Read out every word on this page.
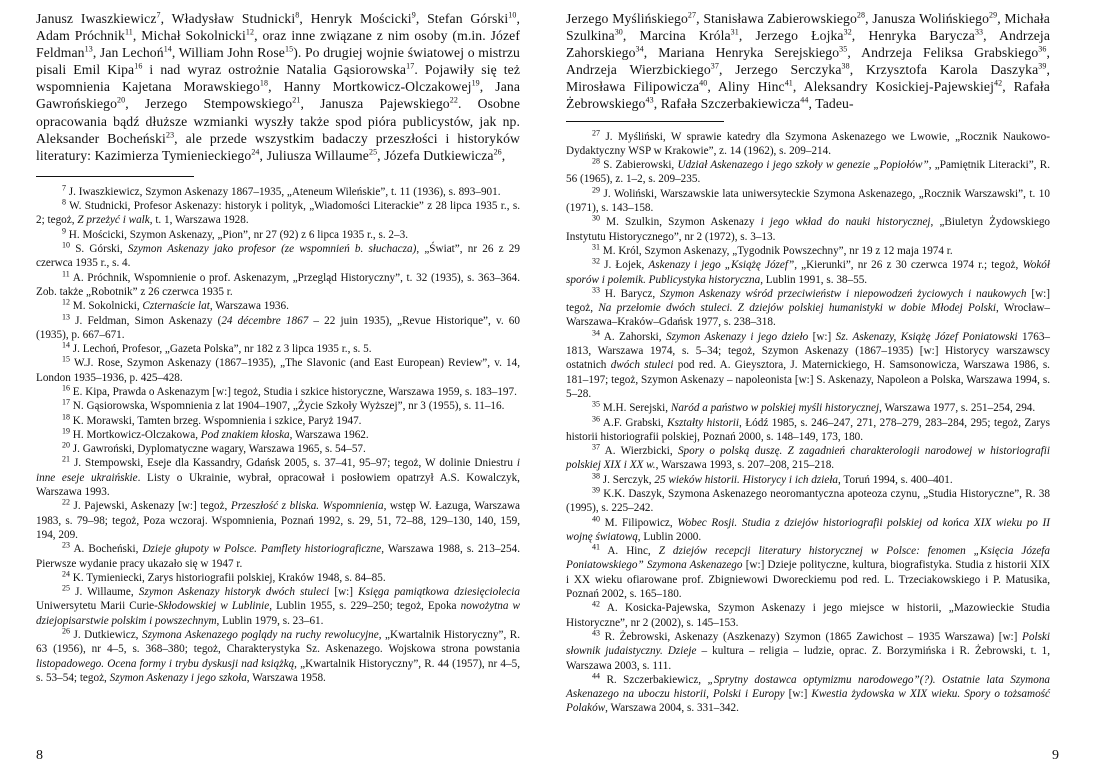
Janusz Iwaszkiewicz$^7$, Władysław Studnicki$^8$, Henryk Mościcki$^9$, Stefan Górski$^{10}$, Adam Próchnik$^{11}$, Michał Sokolnicki$^{12}$, oraz inne związane z nim osoby (m.in. Józef Feldman$^{13}$, Jan Lechoń$^{14}$, William John Rose$^{15}$). Po drugiej wojnie światowej o mistrzu pisali Emil Kipa$^{16}$ i nad wyraz ostrożnie Natalia Gąsiorowska$^{17}$. Pojawiły się też wspomnienia Kajetana Morawskiego$^{18}$, Hanny Mortkowicz-Olczakowej$^{19}$, Jana Gawrońskiego$^{20}$, Jerzego Stempowskiego$^{21}$, Janusza Pajewskiego$^{22}$. Osobne opracowania bądź dłuższe wzmianki wyszły także spod pióra publicystów, jak np. Aleksander Bocheński$^{23}$, ale przede wszystkim badaczy przeszłości i historyków literatury: Kazimierza Tymienieckiego$^{24}$, Juliusza Willaume$^{25}$, Józefa Dutkiewicza$^{26}$,

$^7$ J. Iwaszkiewicz, Szymon Askenazy 1867–1935, „Ateneum Wileńskie”, t. 11 (1936), s. 893–901.

$^8$ W. Studnicki, Profesor Askenazy: historyk i polityk, „Wiadomości Literackie” z 28 lipca 1935 r., s. 2; tegoż, Z przeżyć i walk, t. 1, Warszawa 1928.

$^9$ H. Mościcki, Szymon Askenazy, „Pion”, nr 27 (92) z 6 lipca 1935 r., s. 2–3.

$^{10}$ S. Górski, Szymon Askenazy jako profesor (ze wspomnień b. słuchacza), „Świat”, nr 26 z 29 czerwca 1935 r., s. 4.

$^{11}$ A. Próchnik, Wspomnienie o prof. Askenazym, „Przegląd Historyczny”, t. 32 (1935), s. 363–364. Zob. także „Robotnik” z 26 czerwca 1935 r.

$^{12}$ M. Sokolnicki, Czternaście lat, Warszawa 1936.

$^{13}$ J. Feldman, Simon Askenazy (24 décembre 1867 – 22 juin 1935), „Revue Historique”, v. 60 (1935), p. 667–671.

$^{14}$ J. Lechoń, Profesor, „Gazeta Polska”, nr 182 z 3 lipca 1935 r., s. 5.

$^{15}$ W.J. Rose, Szymon Askenazy (1867–1935), „The Slavonic (and East European) Review”, v. 14, London 1935–1936, p. 425–428.

$^{16}$ E. Kipa, Prawda o Askenazym [w:] tegoż, Studia i szkice historyczne, Warszawa 1959, s. 183–197.

$^{17}$ N. Gąsiorowska, Wspomnienia z lat 1904–1907, „Życie Szkoły Wyższej”, nr 3 (1955), s. 11–16.

$^{18}$ K. Morawski, Tamten brzeg. Wspomnienia i szkice, Paryż 1947.

$^{19}$ H. Mortkowicz-Olczakowa, Pod znakiem kłoska, Warszawa 1962.

$^{20}$ J. Gawroński, Dyplomatyczne wagary, Warszawa 1965, s. 54–57.

$^{21}$ J. Stempowski, Eseje dla Kassandry, Gdańsk 2005, s. 37–41, 95–97; tegoż, W dolinie Dniestru i inne eseje ukraińskie. Listy o Ukrainie, wybrał, opracował i posłowiem opatrzył A.S. Kowalczyk, Warszawa 1993.

$^{22}$ J. Pajewski, Askenazy [w:] tegoż, Przeszłość z bliska. Wspomnienia, wstęp W. Łazuga, Warszawa 1983, s. 79–98; tegoż, Poza wczoraj. Wspomnienia, Poznań 1992, s. 29, 51, 72–88, 129–130, 140, 159, 194, 209.

$^{23}$ A. Bocheński, Dzieje głupoty w Polsce. Pamflety historiograficzne, Warszawa 1988, s. 213–254. Pierwsze wydanie pracy ukazało się w 1947 r.

$^{24}$ K. Tymieniecki, Zarys historiografii polskiej, Kraków 1948, s. 84–85.

$^{25}$ J. Willaume, Szymon Askenazy historyk dwóch stuleci [w:] Księga pamiątkowa dziesięciolecia Uniwersytetu Marii Curie-Skłodowskiej w Lublinie, Lublin 1955, s. 229–250; tegoż, Epoka nowożytna w dziejopisarstwie polskim i powszechnym, Lublin 1979, s. 23–61.

$^{26}$ J. Dutkiewicz, Szymona Askenazego poglądy na ruchy rewolucyjne, „Kwartalnik Historyczny”, R. 63 (1956), nr 4–5, s. 368–380; tegoż, Charakterystyka Sz. Askenazego. Wojskowa strona powstania listopadowego. Ocena formy i trybu dyskusji nad książką, „Kwartalnik Historyczny”, R. 44 (1957), nr 4–5, s. 53–54; tegoż, Szymon Askenazy i jego szkoła, Warszawa 1958.

8

Jerzego Myślińskiego$^{27}$, Stanisława Zabierowskiego$^{28}$, Janusza Wolińskiego$^{29}$, Michała Szulkina$^{30}$, Marcina Króla$^{31}$, Jerzego Łojka$^{32}$, Henryka Barycza$^{33}$, Andrzeja Zahorskiego$^{34}$, Mariana Henryka Serejskiego$^{35}$, Andrzeja Feliksa Grabskiego$^{36}$, Andrzeja Wierzbickiego$^{37}$, Jerzego Serczyka$^{38}$, Krzysztofa Karola Daszyka$^{39}$, Mirosława Filipowicza$^{40}$, Aliny Hinc$^{41}$, Aleksandry Kosickiej-Pajewskiej$^{42}$, Rafała Żebrowskiego$^{43}$, Rafała Szczerbakiewicza$^{44}$, Tadeu-

$^{27}$ J. Myśliński, W sprawie katedry dla Szymona Askenazego we Lwowie, „Rocznik Naukowo-Dydaktyczny WSP w Krakowie”, z. 14 (1962), s. 209–214.

$^{28}$ S. Zabierowski, Udział Askenazego i jego szkoły w genezie „Popiołów”, „Pamiętnik Literacki”, R. 56 (1965), z. 1–2, s. 209–235.

$^{29}$ J. Woliński, Warszawskie lata uniwersyteckie Szymona Askenazego, „Rocznik Warszawski”, t. 10 (1971), s. 143–158.

$^{30}$ M. Szulkin, Szymon Askenazy i jego wkład do nauki historycznej, „Biuletyn Żydowskiego Instytutu Historycznego”, nr 2 (1972), s. 3–13.

$^{31}$ M. Król, Szymon Askenazy, „Tygodnik Powszechny”, nr 19 z 12 maja 1974 r.

$^{32}$ J. Łojek, Askenazy i jego „Książę Józef”, „Kierunki”, nr 26 z 30 czerwca 1974 r.; tegoż, Wokół sporów i polemik. Publicystyka historyczna, Lublin 1991, s. 38–55.

$^{33}$ H. Barycz, Szymon Askenazy wśród przeciwieństw i niepowodzeń życiowych i naukowych [w:] tegoż, Na przełomie dwóch stuleci. Z dziejów polskiej humanistyki w dobie Młodej Polski, Wrocław–Warszawa–Kraków–Gdańsk 1977, s. 238–318.

$^{34}$ A. Zahorski, Szymon Askenazy i jego dzieło [w:] Sz. Askenazy, Książę Józef Poniatowski 1763–1813, Warszawa 1974, s. 5–34; tegoż, Szymon Askenazy (1867–1935) [w:] Historycy warszawscy ostatnich dwóch stuleci pod red. A. Gieysztora, J. Maternickiego, H. Samsonowicza, Warszawa 1986, s. 181–197; tegoż, Szymon Askenazy – napoleonista [w:] S. Askenazy, Napoleon a Polska, Warszawa 1994, s. 5–28.

$^{35}$ M.H. Serejski, Naród a państwo w polskiej myśli historycznej, Warszawa 1977, s. 251–254, 294.

$^{36}$ A.F. Grabski, Kształty historii, Łódź 1985, s. 246–247, 271, 278–279, 283–284, 295; tegoż, Zarys historii historiografii polskiej, Poznań 2000, s. 148–149, 173, 180.

$^{37}$ A. Wierzbicki, Spory o polską duszę. Z zagadnień charakterologii narodowej w historiografii polskiej XIX i XX w., Warszawa 1993, s. 207–208, 215–218.

$^{38}$ J. Serczyk, 25 wieków historii. Historycy i ich dzieła, Toruń 1994, s. 400–401.

$^{39}$ K.K. Daszyk, Szymona Askenazego neoromantyczna apoteoza czynu, „Studia Historyczne”, R. 38 (1995), s. 225–242.

$^{40}$ M. Filipowicz, Wobec Rosji. Studia z dziejów historiografii polskiej od końca XIX wieku po II wojnę światową, Lublin 2000.

$^{41}$ A. Hinc, Z dziejów recepcji literatury historycznej w Polsce: fenomen „Księcia Józefa Poniatowskiego” Szymona Askenazego [w:] Dzieje polityczne, kultura, biografistyka. Studia z historii XIX i XX wieku ofiarowane prof. Zbigniewowi Dworeckiemu pod red. L. Trzeciakowskiego i P. Matusika, Poznań 2002, s. 165–180.

$^{42}$ A. Kosicka-Pajewska, Szymon Askenazy i jego miejsce w historii, „Mazowieckie Studia Historyczne”, nr 2 (2002), s. 145–153.

$^{43}$ R. Żebrowski, Askenazy (Aszkenazy) Szymon (1865 Zawichost – 1935 Warszawa) [w:] Polski słownik judaistyczny. Dzieje – kultura – religia – ludzie, oprac. Z. Borzymińska i R. Żebrowski, t. 1, Warszawa 2003, s. 111.

$^{44}$ R. Szczerbakiewicz, „Sprytny dostawca optymizmu narodowego”(?). Ostatnie lata Szymona Askenazego na uboczu historii, Polski i Europy [w:] Kwestia żydowska w XIX wieku. Spory o tożsamość Polaków, Warszawa 2004, s. 331–342.

9
